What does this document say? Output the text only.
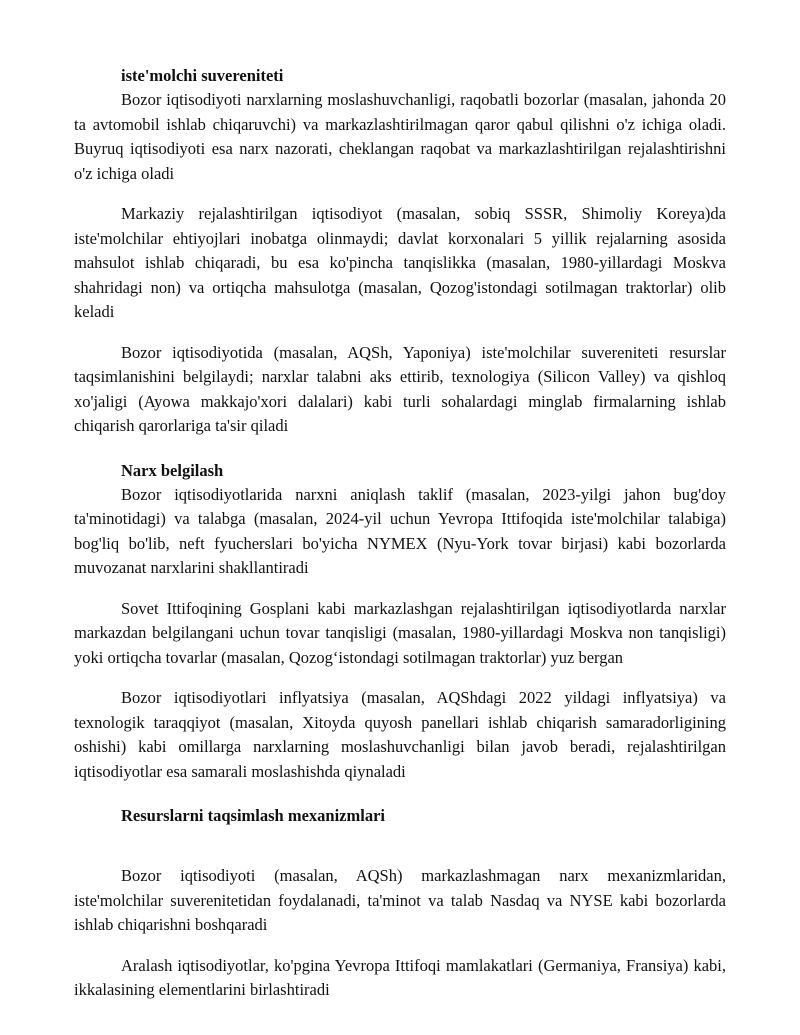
iste'molchi suvereniteti

Bozor iqtisodiyoti narxlarning moslashuvchanligi, raqobatli bozorlar (masalan, jahonda 20 ta avtomobil ishlab chiqaruvchi) va markazlashtirilmagan qaror qabul qilishni o'z ichiga oladi. Buyruq iqtisodiyoti esa narx nazorati, cheklangan raqobat va markazlashtirilgan rejalashtirishni o'z ichiga oladi

Markaziy rejalashtirilgan iqtisodiyot (masalan, sobiq SSSR, Shimoliy Koreya)da iste'molchilar ehtiyojlari inobatga olinmaydi; davlat korxonalari 5 yillik rejalarning asosida mahsulot ishlab chiqaradi, bu esa ko'pincha tanqislikka (masalan, 1980-yillardagi Moskva shahridagi non) va ortiqcha mahsulotga (masalan, Qozog'istondagi sotilmagan traktorlar) olib keladi

Bozor iqtisodiyotida (masalan, AQSh, Yaponiya) iste'molchilar suvereniteti resurslar taqsimlanishini belgilaydi; narxlar talabni aks ettirib, texnologiya (Silicon Valley) va qishloq xo'jaligi (Ayowa makkajo'xori dalalari) kabi turli sohalardagi minglab firmalarning ishlab chiqarish qarorlariga ta'sir qiladi

Narx belgilash

Bozor iqtisodiyotlarida narxni aniqlash taklif (masalan, 2023-yilgi jahon bug'doy ta'minotidagi) va talabga (masalan, 2024-yil uchun Yevropa Ittifoqida iste'molchilar talabiga) bog'liq bo'lib, neft fyucherslari bo'yicha NYMEX (Nyu-York tovar birjasi) kabi bozorlarda muvozanat narxlarini shakllantiradi

Sovet Ittifoqining Gosplani kabi markazlashgan rejalashtirilgan iqtisodiyotlarda narxlar markazdan belgilangani uchun tovar tanqisligi (masalan, 1980-yillardagi Moskva non tanqisligi) yoki ortiqcha tovarlar (masalan, Qozog‘istondagi sotilmagan traktorlar) yuz bergan

Bozor iqtisodiyotlari inflyatsiya (masalan, AQShdagi 2022 yildagi inflyatsiya) va texnologik taraqqiyot (masalan, Xitoyda quyosh panellari ishlab chiqarish samaradorligining oshishi) kabi omillarga narxlarning moslashuvchanligi bilan javob beradi, rejalashtirilgan iqtisodiyotlar esa samarali moslashishda qiynaladi

Resurslarni taqsimlash mexanizmlari

Bozor iqtisodiyoti (masalan, AQSh) markazlashmagan narx mexanizmlaridan, iste'molchilar suverenitetidan foydalanadi, ta'minot va talab Nasdaq va NYSE kabi bozorlarda ishlab chiqarishni boshqaradi

Aralash iqtisodiyotlar, ko'pgina Yevropa Ittifoqi mamlakatlari (Germaniya, Fransiya) kabi, ikkalasining elementlarini birlashtiradi
